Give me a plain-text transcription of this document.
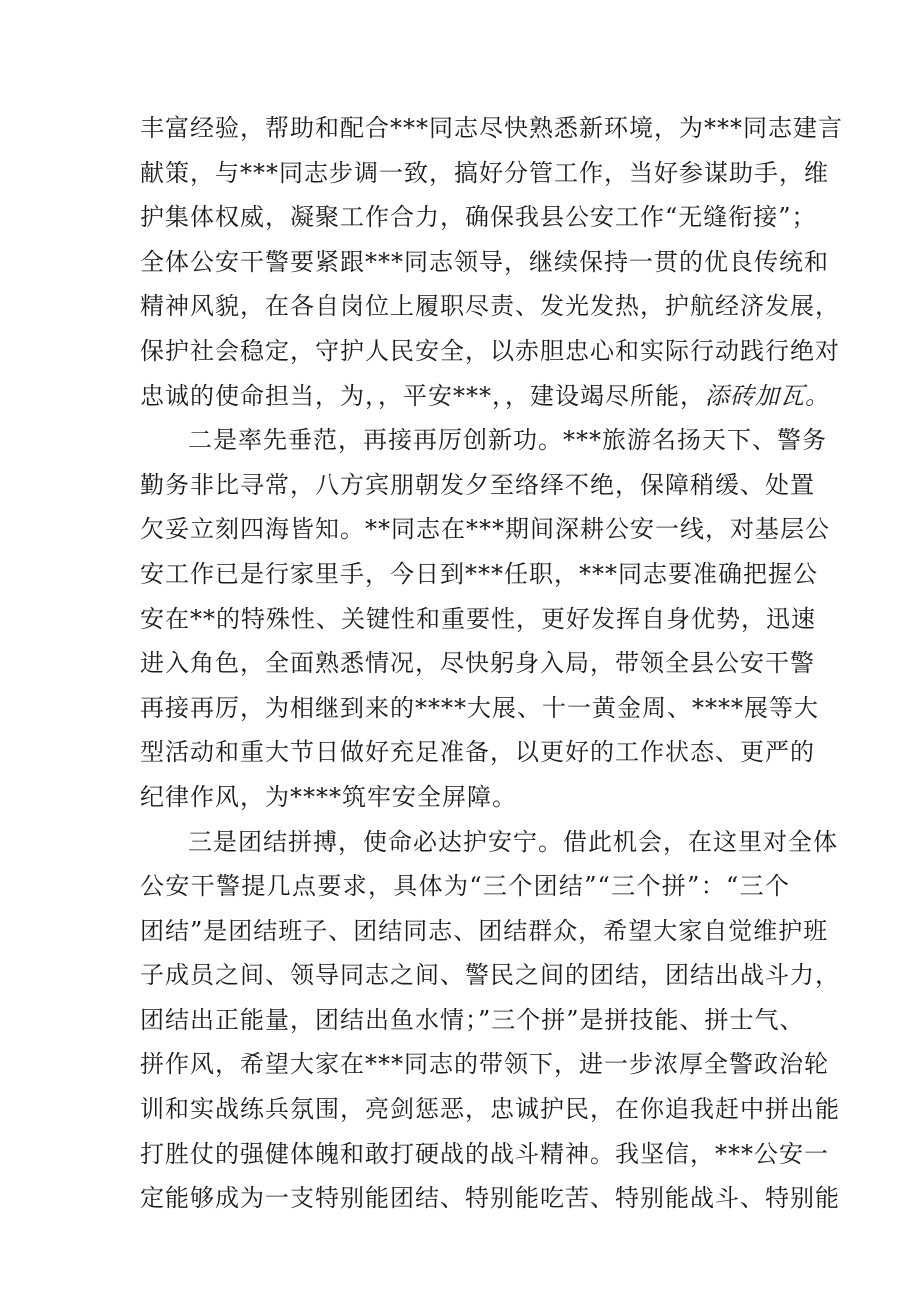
丰富经验，帮助和配合***同志尽快熟悉新环境，为***同志建言
献策，与***同志步调一致，搞好分管工作，当好参谋助手，维
护集体权威，凝聚工作合力，确保我县公安工作“无缝衔接”；
全体公安干警要紧跟***同志领导，继续保持一贯的优良传统和
精神风貌，在各自岗位上履职尽责、发光发热，护航经济发展，
保护社会稳定，守护人民安全，以赤胆忠心和实际行动践行绝对
忠诚的使命担当，为，，平安***，，建设竭尽所能，添砖加瓦。
二是率先垂范，再接再厉创新功。***旅游名扬天下、警务
勤务非比寻常，八方宾朋朝发夕至络绎不绝，保障稍缓、处置
欠妥立刻四海皆知。**同志在***期间深耕公安一线，对基层公
安工作已是行家里手，今日到***任职，***同志要准确把握公
安在**的特殊性、关键性和重要性，更好发挥自身优势，迅速
进入角色，全面熟悉情况，尽快躬身入局，带领全县公安干警
再接再厉，为相继到来的****大展、十一黄金周、****展等大
型活动和重大节日做好充足准备，以更好的工作状态、更严的
纪律作风，为****筑牢安全屏障。
三是团结拼搏，使命必达护安宁。借此机会，在这里对全体
公安干警提几点要求，具体为“三个团结”“三个拼”：“三个
团结”是团结班子、团结同志、团结群众，希望大家自觉维护班
子成员之间、领导同志之间、警民之间的团结，团结出战斗力，
团结出正能量，团结出鱼水情；”三个拼”是拼技能、拼士气、
拼作风，希望大家在***同志的带领下，进一步浓厚全警政治轮
训和实战练兵氛围，亮剑惩恶，忠诚护民，在你追我赶中拼出能
打胜仗的强健体魄和敢打硬战的战斗精神。我坚信，***公安一
定能够成为一支特别能团结、特别能吃苦、特别能战斗、特别能
